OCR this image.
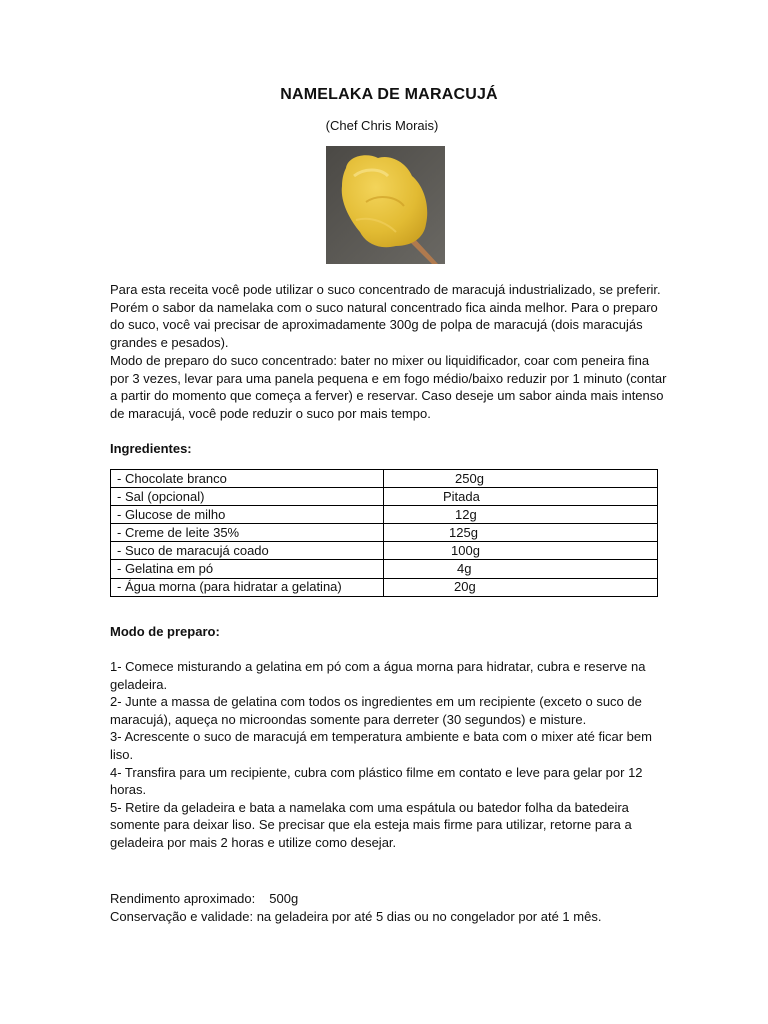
NAMELAKA DE MARACUJÁ
(Chef Chris Morais)

Para esta receita você pode utilizar o suco concentrado de maracujá industrializado, se preferir. Porém o sabor da namelaka com o suco natural concentrado fica ainda melhor. Para o preparo do suco, você vai precisar de aproximadamente 300g de polpa de maracujá (dois maracujás grandes e pesados).

Modo de preparo do suco concentrado: bater no mixer ou liquidificador, coar com peneira fina por 3 vezes, levar para uma panela pequena e em fogo médio/baixo reduzir por 1 minuto (contar a partir do momento que começa a ferver) e reservar. Caso deseje um sabor ainda mais intenso de maracujá, você pode reduzir o suco por mais tempo.

Ingredientes:
- Chocolate branco	250g
- Sal (opcional)	Pitada
- Glucose de milho	12g
- Creme de leite 35%	125g
- Suco de maracujá coado	100g
- Gelatina em pó	4g
- Água morna (para hidratar a gelatina)	20g
Modo de preparo:

1- Comece misturando a gelatina em pó com a água morna para hidratar, cubra e reserve na geladeira.

2- Junte a massa de gelatina com todos os ingredientes em um recipiente (exceto o suco de maracujá), aqueça no microondas somente para derreter (30 segundos) e misture.

3- Acrescente o suco de maracujá em temperatura ambiente e bata com o mixer até ficar bem liso.

4- Transfira para um recipiente, cubra com plástico filme em contato e leve para gelar por 12 horas.

5- Retire da geladeira e bata a namelaka com uma espátula ou batedor folha da batedeira somente para deixar liso. Se precisar que ela esteja mais firme para utilizar, retorne para a geladeira por mais 2 horas e utilize como desejar.

Rendimento aproximado: 500g

Conservação e validade: na geladeira por até 5 dias ou no congelador por até 1 mês.
